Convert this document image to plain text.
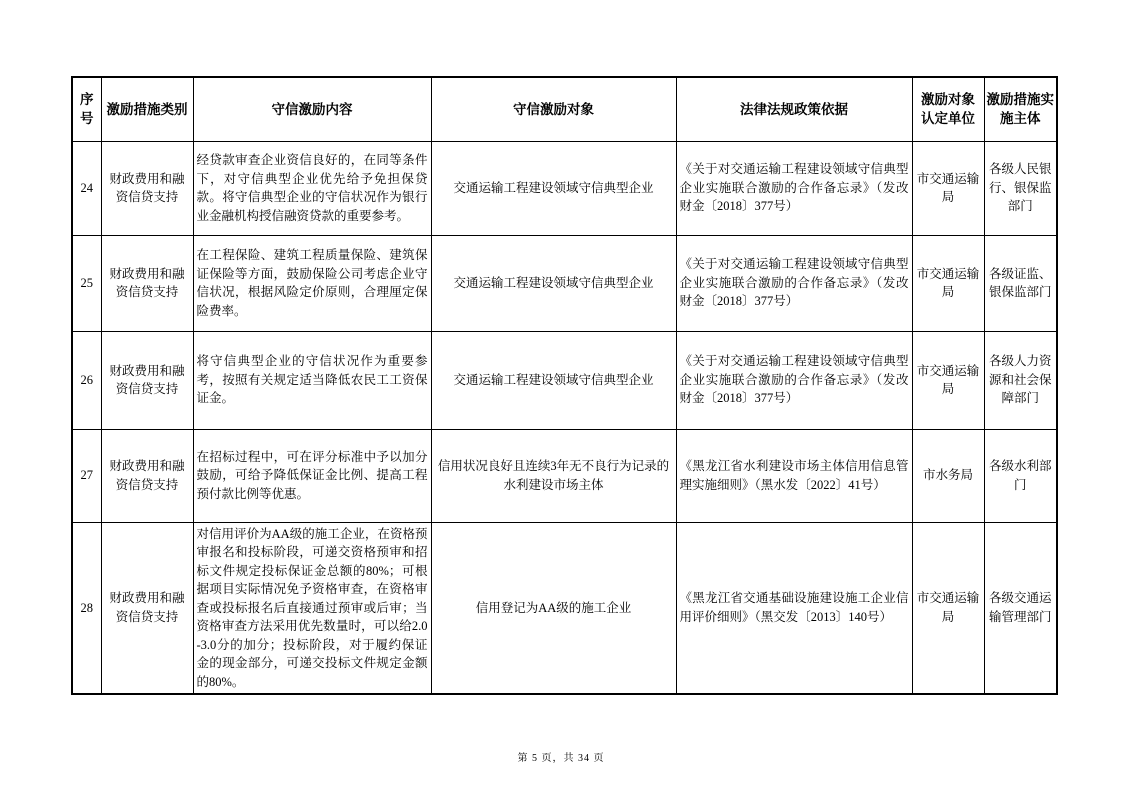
序号	激励措施类别	守信激励内容	守信激励对象	法律法规政策依据	激励对象认定单位	激励措施实施主体
24	财政费用和融资信贷支持	经贷款审查企业资信良好的，在同等条件下，对守信典型企业优先给予免担保贷款。将守信典型企业的守信状况作为银行业金融机构授信融资贷款的重要参考。	交通运输工程建设领域守信典型企业	《关于对交通运输工程建设领域守信典型企业实施联合激励的合作备忘录》（发改财金〔2018〕377号）	市交通运输局	各级人民银行、银保监部门
25	财政费用和融资信贷支持	在工程保险、建筑工程质量保险、建筑保证保险等方面，鼓励保险公司考虑企业守信状况，根据风险定价原则，合理厘定保险费率。	交通运输工程建设领域守信典型企业	《关于对交通运输工程建设领域守信典型企业实施联合激励的合作备忘录》（发改财金〔2018〕377号）	市交通运输局	各级证监、银保监部门
26	财政费用和融资信贷支持	将守信典型企业的守信状况作为重要参考，按照有关规定适当降低农民工工资保证金。	交通运输工程建设领域守信典型企业	《关于对交通运输工程建设领域守信典型企业实施联合激励的合作备忘录》（发改财金〔2018〕377号）	市交通运输局	各级人力资源和社会保障部门
27	财政费用和融资信贷支持	在招标过程中，可在评分标准中予以加分鼓励，可给予降低保证金比例、提高工程预付款比例等优惠。	信用状况良好且连续3年无不良行为记录的水利建设市场主体	《黑龙江省水利建设市场主体信用信息管理实施细则》（黑水发〔2022〕41号）	市水务局	各级水利部门
28	财政费用和融资信贷支持	对信用评价为AA级的施工企业，在资格预审报名和投标阶段，可递交资格预审和招标文件规定投标保证金总额的80%；可根据项目实际情况免予资格审查，在资格审查或投标报名后直接通过预审或后审；当资格审查方法采用优先数量时，可以给2.0-3.0分的加分；投标阶段，对于履约保证金的现金部分，可递交投标文件规定金额的80%。	信用登记为AA级的施工企业	《黑龙江省交通基础设施建设施工企业信用评价细则》（黑交发〔2013〕140号）	市交通运输局	各级交通运输管理部门
第 5 页，共 34 页
